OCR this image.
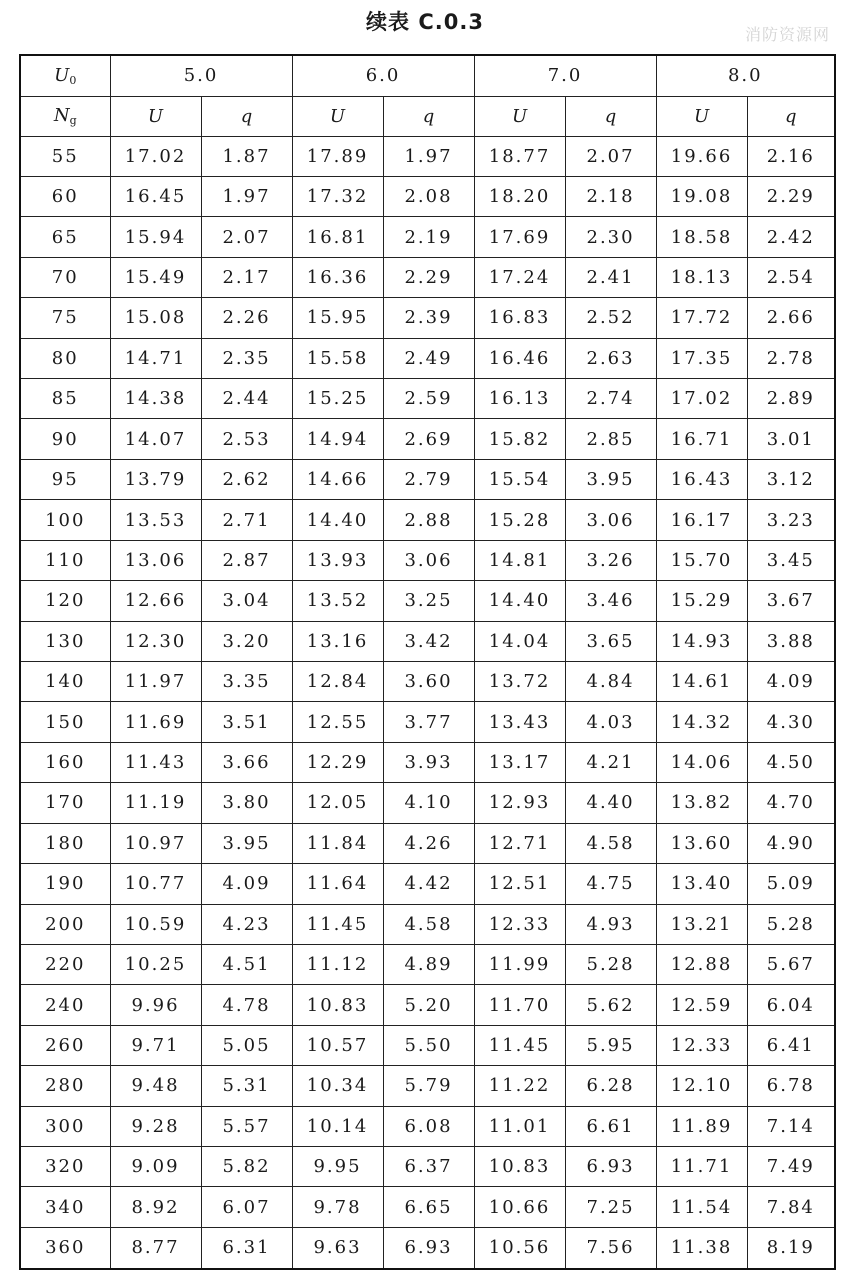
续表 C.0.3
消防资源网
$U_0$	5.0		6.0		7.0		8.0	
$N_g$	U	q	U	q	U	q	U	q
55	17.02	1.87	17.89	1.97	18.77	2.07	19.66	2.16
60	16.45	1.97	17.32	2.08	18.20	2.18	19.08	2.29
65	15.94	2.07	16.81	2.19	17.69	2.30	18.58	2.42
70	15.49	2.17	16.36	2.29	17.24	2.41	18.13	2.54
75	15.08	2.26	15.95	2.39	16.83	2.52	17.72	2.66
80	14.71	2.35	15.58	2.49	16.46	2.63	17.35	2.78
85	14.38	2.44	15.25	2.59	16.13	2.74	17.02	2.89
90	14.07	2.53	14.94	2.69	15.82	2.85	16.71	3.01
95	13.79	2.62	14.66	2.79	15.54	3.95	16.43	3.12
100	13.53	2.71	14.40	2.88	15.28	3.06	16.17	3.23
110	13.06	2.87	13.93	3.06	14.81	3.26	15.70	3.45
120	12.66	3.04	13.52	3.25	14.40	3.46	15.29	3.67
130	12.30	3.20	13.16	3.42	14.04	3.65	14.93	3.88
140	11.97	3.35	12.84	3.60	13.72	4.84	14.61	4.09
150	11.69	3.51	12.55	3.77	13.43	4.03	14.32	4.30
160	11.43	3.66	12.29	3.93	13.17	4.21	14.06	4.50
170	11.19	3.80	12.05	4.10	12.93	4.40	13.82	4.70
180	10.97	3.95	11.84	4.26	12.71	4.58	13.60	4.90
190	10.77	4.09	11.64	4.42	12.51	4.75	13.40	5.09
200	10.59	4.23	11.45	4.58	12.33	4.93	13.21	5.28
220	10.25	4.51	11.12	4.89	11.99	5.28	12.88	5.67
240	9.96	4.78	10.83	5.20	11.70	5.62	12.59	6.04
260	9.71	5.05	10.57	5.50	11.45	5.95	12.33	6.41
280	9.48	5.31	10.34	5.79	11.22	6.28	12.10	6.78
300	9.28	5.57	10.14	6.08	11.01	6.61	11.89	7.14
320	9.09	5.82	9.95	6.37	10.83	6.93	11.71	7.49
340	8.92	6.07	9.78	6.65	10.66	7.25	11.54	7.84
360	8.77	6.31	9.63	6.93	10.56	7.56	11.38	8.19
